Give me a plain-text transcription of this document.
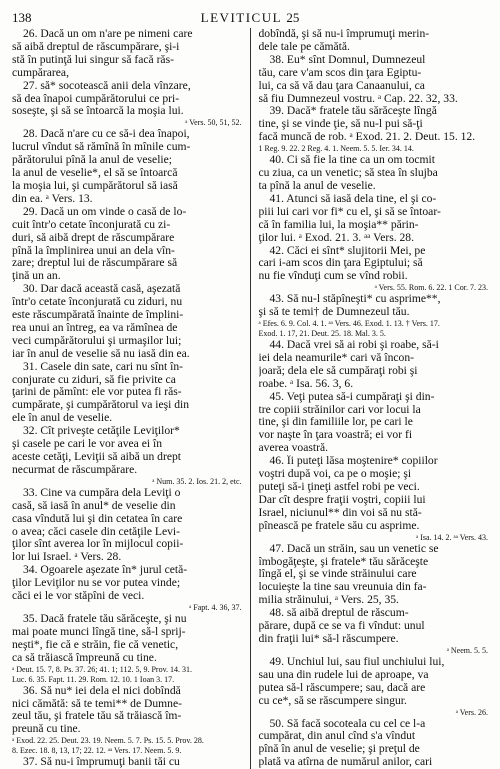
138	LEVITICUL 25
26. Dacă un om n'are pe nimeni care
să aibă dreptul de răscumpărare, şi-i
stă în putinţă lui singur să facă răs-
cumpărarea,
27. să* socotească anii dela vînzare,
să dea înapoi cumpărătorului ce pri-
soseşte, şi să se întoarcă la moşia lui.
ᵃ Vers. 50, 51, 52.
28. Dacă n'are cu ce să-i dea înapoi,
lucrul vîndut să rămînă în mînile cum-
părătorului pînă la anul de veselie;
la anul de veselie*, el să se întoarcă
la moşia lui, şi cumpărătorul să iasă
din ea. ᵃ Vers. 13.
29. Dacă un om vinde o casă de lo-
cuit într'o cetate înconjurată cu zi-
duri, să aibă drept de răscumpărare
pînă la împlinirea unui an dela vîn-
zare; dreptul lui de răscumpărare să
ţină un an.
30. Dar dacă această casă, aşezată
într'o cetate înconjurată cu ziduri, nu
este răscumpărată înainte de împlini-
rea unui an întreg, ea va rămînea de
veci cumpărătorului şi urmaşilor lui;
iar în anul de veselie să nu iasă din ea.
31. Casele din sate, cari nu sînt în-
conjurate cu ziduri, să fie privite ca
ţarini de pămînt: ele vor putea fi răs-
cumpărate, şi cumpărătorul va ieşi din
ele în anul de veselie.
32. Cît priveşte cetăţile Leviţilor*
şi casele pe cari le vor avea ei în
aceste cetăţi, Leviţii să aibă un drept
necurmat de răscumpărare.
ᵃ Num. 35. 2. Ios. 21. 2, etc.
33. Cine va cumpăra dela Leviţi o
casă, să iasă în anul* de veselie din
casa vîndută lui şi din cetatea în care
o avea; căci casele din cetăţile Levi-
ţilor sînt averea lor în mijlocul copii-
lor lui Israel. ᵃ Vers. 28.
34. Ogoarele aşezate în* jurul cetă-
ţilor Leviţilor nu se vor putea vinde;
căci ei le vor stăpîni de veci.
ᵃ Fapt. 4. 36, 37.
35. Dacă fratele tău sărăceşte, şi nu
mai poate munci lîngă tine, să-l sprij-
neşti*, fie că e străin, fie că venetic,
ca să trăiască împreună cu tine.
ᵃ Deut. 15. 7, 8. Ps. 37. 26; 41. 1; 112. 5, 9. Prov. 14. 31.
Luc. 6. 35. Fapt. 11. 29. Rom. 12. 10. 1 Ioan 3. 17.
36. Să nu* iei dela el nici dobîndă
nici cămătă: să te temi** de Dumne-
zeul tău, şi fratele tău să trăiască îm-
preună cu tine.
ᵃ Exod. 22. 25. Deut. 23. 19. Neem. 5. 7. Ps. 15. 5. Prov. 28.
8. Ezec. 18. 8, 13, 17; 22. 12. ᵃᵃ Vers. 17. Neem. 5. 9.
37. Să nu-i împrumuţi banii tăi cu
dobîndă, şi să nu-i împrumuţi merin-
dele tale pe cămătă.
38. Eu* sînt Domnul, Dumnezeul
tău, care v'am scos din ţara Egiptu-
lui, ca să vă dau ţara Canaanului, ca
să fiu Dumnezeul vostru. ᵃ Cap. 22. 32, 33.
39. Dacă* fratele tău sărăceşte lîngă
tine, şi se vinde ţie, să nu-l pui să-ţi
facă muncă de rob. ᵃ Exod. 21. 2. Deut. 15. 12.
1 Reg. 9. 22. 2 Reg. 4. 1. Neem. 5. 5. Ier. 34. 14.
40. Ci să fie la tine ca un om tocmit
cu ziua, ca un venetic; să stea în slujba
ta pînă la anul de veselie.
41. Atunci să iasă dela tine, el şi co-
piii lui cari vor fi* cu el, şi să se întoar-
că în familia lui, la moşia** părin-
ţilor lui. ᵃ Exod. 21. 3. ᵃᵃ Vers. 28.
42. Căci ei sînt* slujitorii Mei, pe
cari i-am scos din ţara Egiptului; să
nu fie vînduţi cum se vînd robii.
ᵃ Vers. 55. Rom. 6. 22. 1 Cor. 7. 23.
43. Să nu-l stăpîneşti* cu asprime**,
şi să te temi† de Dumnezeul tău.
ᵃ Efes. 6. 9. Col. 4. 1. ᵃᵃ Vers. 46. Exod. 1. 13. † Vers. 17.
Exod. 1. 17, 21. Deut. 25. 18. Mal. 3. 5.
44. Dacă vrei să ai robi şi roabe, să-i
iei dela neamurile* cari vă încon-
joară; dela ele să cumpăraţi robi şi
roabe. ᵃ Isa. 56. 3, 6.
45. Veţi putea să-i cumpăraţi şi din-
tre copiii străinilor cari vor locui la
tine, şi din familiile lor, pe cari le
vor naşte în ţara voastră; ei vor fi
averea voastră.
46. Îi puteţi lăsa moştenire* copiilor
voştri după voi, ca pe o moşie; şi
puteţi să-i ţineţi astfel robi pe veci.
Dar cît despre fraţii voştri, copiii lui
Israel, niciunul** din voi să nu stă-
pînească pe fratele său cu asprime.
ᵃ Isa. 14. 2. ᵃᵃ Vers. 43.
47. Dacă un străin, sau un venetic se
îmbogăţeşte, şi fratele* tău sărăceşte
lîngă el, şi se vinde străinului care
locuieşte la tine sau vreunuia din fa-
milia străinului, ᵃ Vers. 25, 35.
48. să aibă dreptul de răscum-
părare, după ce se va fi vîndut: unul
din fraţii lui* să-l răscumpere.
ᵃ Neem. 5. 5.
49. Unchiul lui, sau fiul unchiului lui,
sau una din rudele lui de aproape, va
putea să-l răscumpere; sau, dacă are
cu ce*, să se răscumpere singur.
ᵃ Vers. 26.
50. Să facă socoteala cu cel ce l-a
cumpărat, din anul cînd s'a vîndut
pînă în anul de veselie; şi preţul de
plată va atîrna de numărul anilor, cari
